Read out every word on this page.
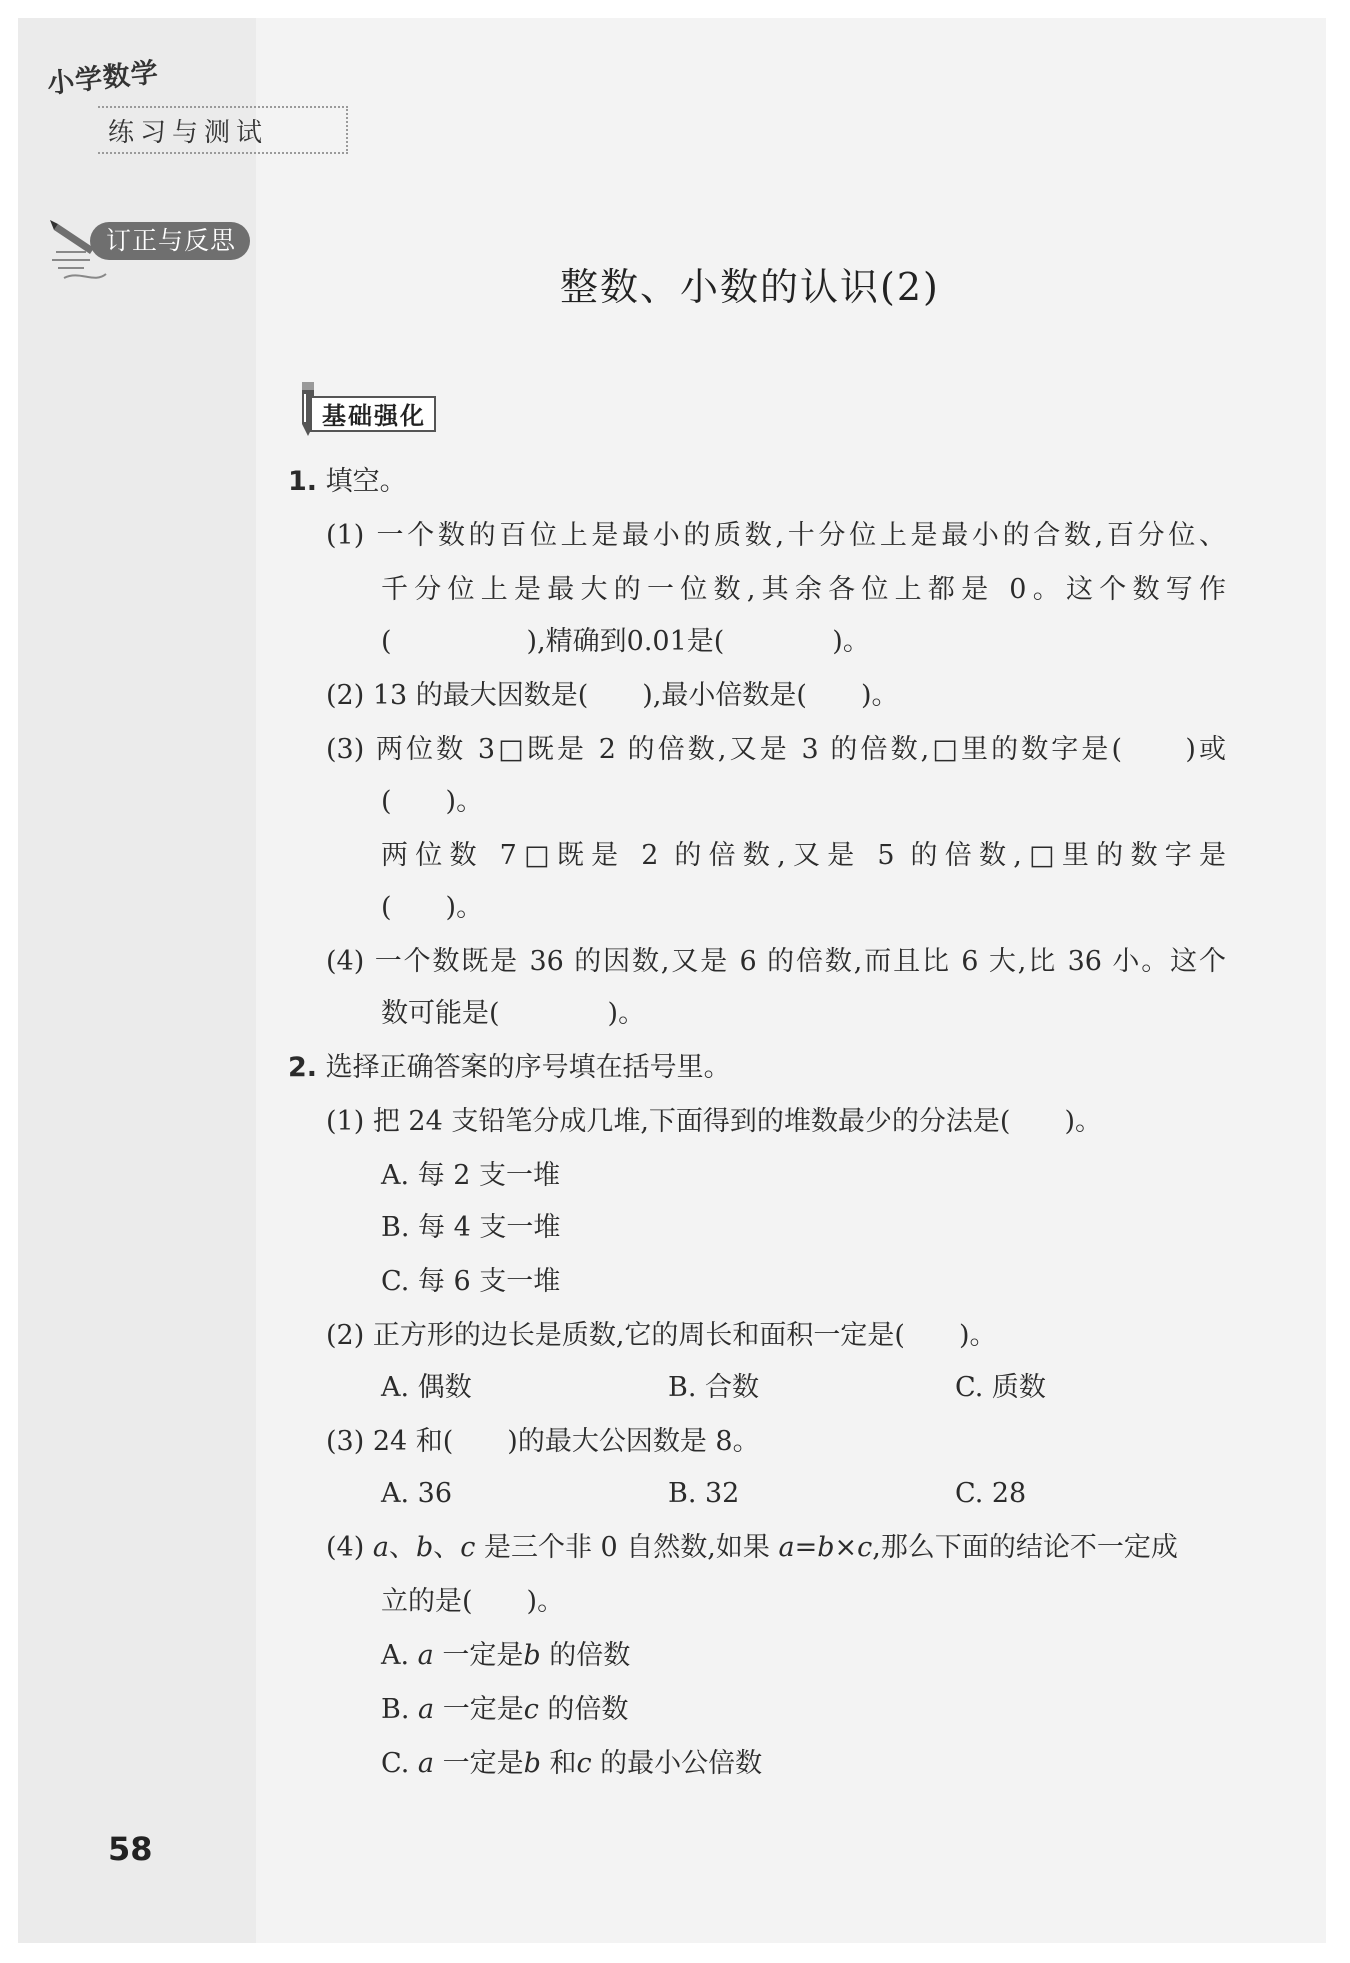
小学数学
练习与测试
订正与反思
整数、小数的认识(2)
基础强化
1. 填空。
(1) 一个数的百位上是最小的质数,十分位上是最小的合数,百分位、
千分位上是最大的一位数,其余各位上都是 0。这个数写作
(　　　　　),精确到0.01是(　　　　)。
(2) 13 的最大因数是(　　),最小倍数是(　　)。
(3) 两位数 3□既是 2 的倍数,又是 3 的倍数,□里的数字是(　　)或
(　　)。
两位数 7□既是 2 的倍数,又是 5 的倍数,□里的数字是
(　　)。
(4) 一个数既是 36 的因数,又是 6 的倍数,而且比 6 大,比 36 小。这个
数可能是(　　　　)。
2. 选择正确答案的序号填在括号里。
(1) 把 24 支铅笔分成几堆,下面得到的堆数最少的分法是(　　)。
A. 每 2 支一堆
B. 每 4 支一堆
C. 每 6 支一堆
(2) 正方形的边长是质数,它的周长和面积一定是(　　)。
A. 偶数	B. 合数	C. 质数
(3) 24 和(　　)的最大公因数是 8。
A. 36	B. 32	C. 28
(4) a、b、c 是三个非 0 自然数,如果 a=b×c,那么下面的结论不一定成
立的是(　　)。
A. a 一定是b 的倍数
B. a 一定是c 的倍数
C. a 一定是b 和c 的最小公倍数
58
